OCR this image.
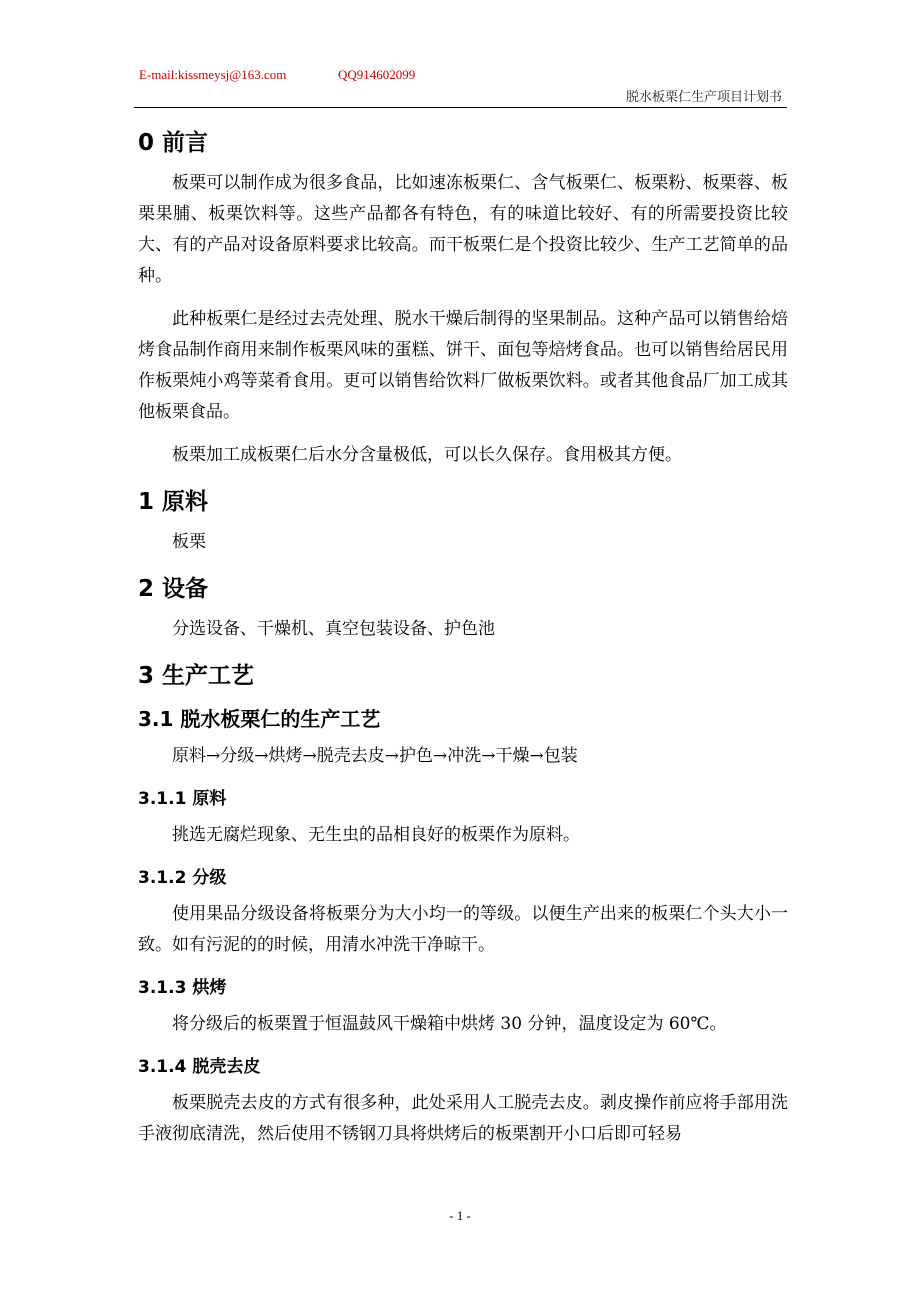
E-mail:kissmeysj@163.com	QQ914602099
脱水板栗仁生产项目计划书
0 前言

板栗可以制作成为很多食品，比如速冻板栗仁、含气板栗仁、板栗粉、板栗蓉、板栗果脯、板栗饮料等。这些产品都各有特色，有的味道比较好、有的所需要投资比较大、有的产品对设备原料要求比较高。而干板栗仁是个投资比较少、生产工艺简单的品种。

此种板栗仁是经过去壳处理、脱水干燥后制得的坚果制品。这种产品可以销售给焙烤食品制作商用来制作板栗风味的蛋糕、饼干、面包等焙烤食品。也可以销售给居民用作板栗炖小鸡等菜肴食用。更可以销售给饮料厂做板栗饮料。或者其他食品厂加工成其他板栗食品。

板栗加工成板栗仁后水分含量极低，可以长久保存。食用极其方便。

1 原料

板栗

2 设备

分选设备、干燥机、真空包装设备、护色池

3 生产工艺
3.1 脱水板栗仁的生产工艺

原料→分级→烘烤→脱壳去皮→护色→冲洗→干燥→包装

3.1.1 原料

挑选无腐烂现象、无生虫的品相良好的板栗作为原料。

3.1.2 分级

使用果品分级设备将板栗分为大小均一的等级。以便生产出来的板栗仁个头大小一致。如有污泥的的时候，用清水冲洗干净晾干。

3.1.3 烘烤

将分级后的板栗置于恒温鼓风干燥箱中烘烤 30 分钟，温度设定为 60℃。

3.1.4 脱壳去皮

板栗脱壳去皮的方式有很多种，此处采用人工脱壳去皮。剥皮操作前应将手部用洗手液彻底清洗，然后使用不锈钢刀具将烘烤后的板栗割开小口后即可轻易

- 1 -
